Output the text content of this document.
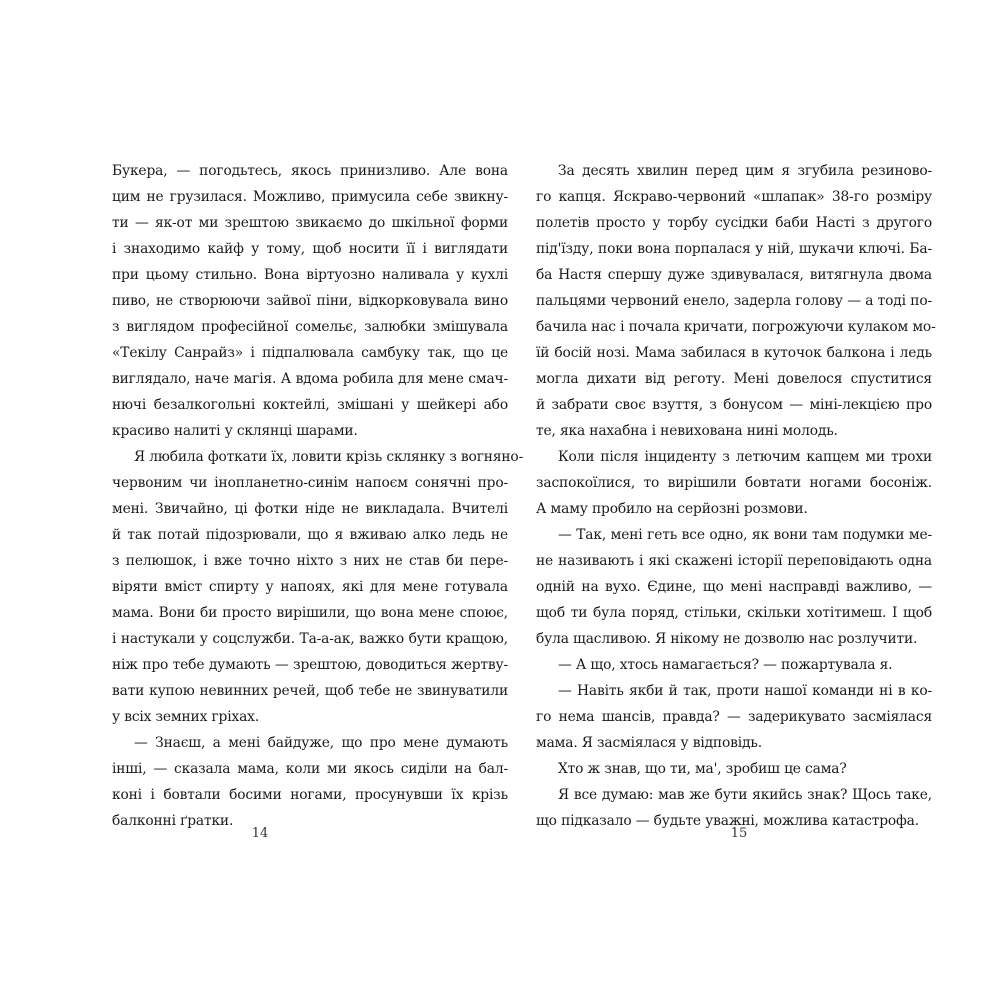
Букера, — погодьтесь, якось принизливо. Але вона
цим не грузилася. Можливо, примусила себе звикну-
ти — як-от ми зрештою звикаємо до шкільної форми
і знаходимо кайф у тому, щоб носити її і виглядати
при цьому стильно. Вона віртуозно наливала у кухлі
пиво, не створюючи зайвої піни, відкорковувала вино
з виглядом професійної сомельє, залюбки змішувала
«Текілу Санрайз» і підпалювала самбуку так, що це
виглядало, наче магія. А вдома робила для мене смач-
нючі безалкогольні коктейлі, змішані у шейкері або
красиво налиті у склянці шарами.
Я любила фоткати їх, ловити крізь склянку з вогняно-
червоним чи інопланетно-синім напоєм сонячні про-
мені. Звичайно, ці фотки ніде не викладала. Вчителі
й так потай підозрювали, що я вживаю алко ледь не
з пелюшок, і вже точно ніхто з них не став би пере-
віряти вміст спирту у напоях, які для мене готувала
мама. Вони би просто вирішили, що вона мене споює,
і настукали у соцслужби. Та-а-ак, важко бути кращою,
ніж про тебе думають — зрештою, доводиться жертву-
вати купою невинних речей, щоб тебе не звинуватили
у всіх земних гріхах.
— Знаєш, а мені байдуже, що про мене думають
інші, — сказала мама, коли ми якось сиділи на бал-
коні і бовтали босими ногами, просунувши їх крізь
балконні ґратки.
За десять хвилин перед цим я згубила резиново-
го капця. Яскраво-червоний «шлапак» 38-го розміру
полетів просто у торбу сусідки баби Насті з другого
під'їзду, поки вона порпалася у ній, шукачи ключі. Ба-
ба Настя спершу дуже здивувалася, витягнула двома
пальцями червоний енело, задерла голову — а тоді по-
бачила нас і почала кричати, погрожуючи кулаком мо-
їй босій нозі. Мама забилася в куточок балкона і ледь
могла дихати від реготу. Мені довелося спуститися
й забрати своє взуття, з бонусом — міні-лекцією про
те, яка нахабна і невихована нині молодь.
Коли після інциденту з летючим капцем ми трохи
заспокоїлися, то вирішили бовтати ногами босоніж.
А маму пробило на серйозні розмови.
— Так, мені геть все одно, як вони там подумки ме-
не називають і які скажені історії переповідають одна
одній на вухо. Єдине, що мені насправді важливо, —
щоб ти була поряд, стільки, скільки хотітимеш. І щоб
була щасливою. Я нікому не дозволю нас розлучити.
— А що, хтось намагається? — пожартувала я.
— Навіть якби й так, проти нашої команди ні в ко-
го нема шансів, правда? — задерикувато засміялася
мама. Я засміялася у відповідь.
Хто ж знав, що ти, ма', зробиш це сама?
Я все думаю: мав же бути якийсь знак? Щось таке,
що підказало — будьте уважні, можлива катастрофа.
14	15
